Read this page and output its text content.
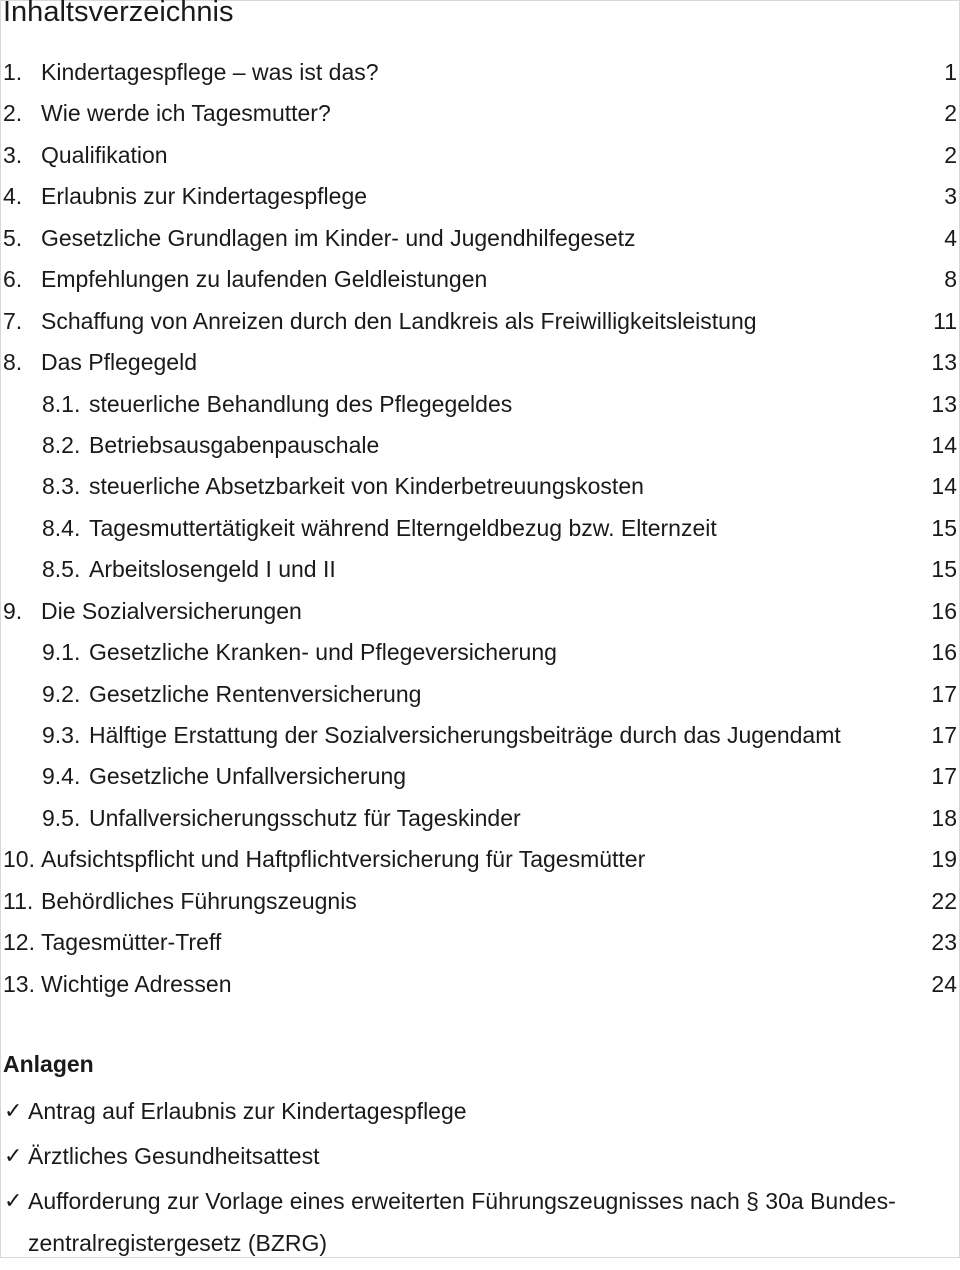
Inhaltsverzeichnis
1. Kindertagespflege – was ist das?	1
2. Wie werde ich Tagesmutter?	2
3. Qualifikation	2
4. Erlaubnis zur Kindertagespflege	3
5. Gesetzliche Grundlagen im Kinder- und Jugendhilfegesetz	4
6. Empfehlungen zu laufenden Geldleistungen	8
7. Schaffung von Anreizen durch den Landkreis als Freiwilligkeitsleistung	11
8. Das Pflegegeld	13
8.1. steuerliche Behandlung des Pflegegeldes	13
8.2. Betriebsausgabenpauschale	14
8.3. steuerliche Absetzbarkeit von Kinderbetreuungskosten	14
8.4. Tagesmuttertätigkeit während Elterngeldbezug bzw. Elternzeit	15
8.5. Arbeitslosengeld I und II	15
9. Die Sozialversicherungen	16
9.1. Gesetzliche Kranken- und Pflegeversicherung	16
9.2. Gesetzliche Rentenversicherung	17
9.3. Hälftige Erstattung der Sozialversicherungsbeiträge durch das Jugendamt	17
9.4. Gesetzliche Unfallversicherung	17
9.5. Unfallversicherungsschutz für Tageskinder	18
10. Aufsichtspflicht und Haftpflichtversicherung für Tagesmütter	19
11. Behördliches Führungszeugnis	22
12. Tagesmütter-Treff	23
13. Wichtige Adressen	24
Anlagen
✓ Antrag auf Erlaubnis zur Kindertagespflege
✓ Ärztliches Gesundheitsattest
✓ Aufforderung zur Vorlage eines erweiterten Führungszeugnisses nach § 30a Bundes-
zentralregistergesetz (BZRG)
